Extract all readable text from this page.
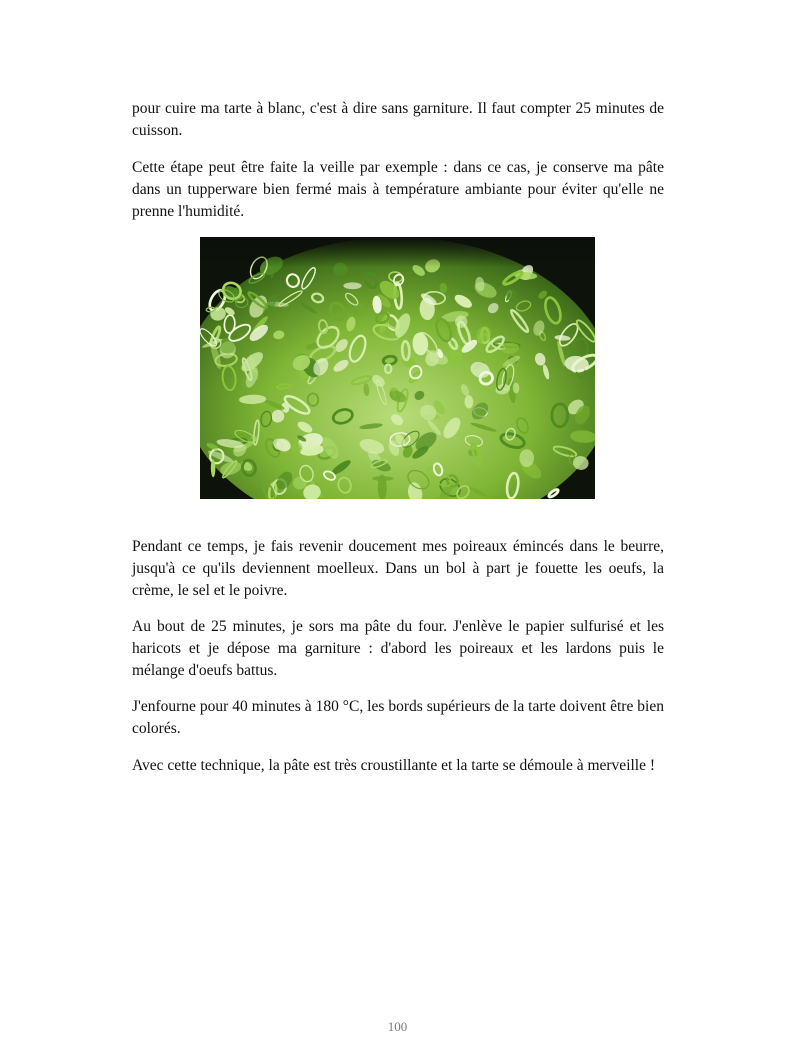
pour cuire ma tarte à blanc, c'est à dire sans garniture. Il faut compter 25 minutes de cuisson.

Cette étape peut être faite la veille par exemple : dans ce cas, je conserve ma pâte dans un tupperware bien fermé mais à température ambiante pour éviter qu'elle ne prenne l'humidité.

Pendant ce temps, je fais revenir doucement mes poireaux émincés dans le beurre, jusqu'à ce qu'ils deviennent moelleux. Dans un bol à part je fouette les oeufs, la crème, le sel et le poivre.

Au bout de 25 minutes, je sors ma pâte du four. J'enlève le papier sulfurisé et les haricots et je dépose ma garniture : d'abord les poireaux et les lardons puis le mélange d'oeufs battus.

J'enfourne pour 40 minutes à 180 °C, les bords supérieurs de la tarte doivent être bien colorés.

Avec cette technique, la pâte est très croustillante et la tarte se démoule à merveille !

100
